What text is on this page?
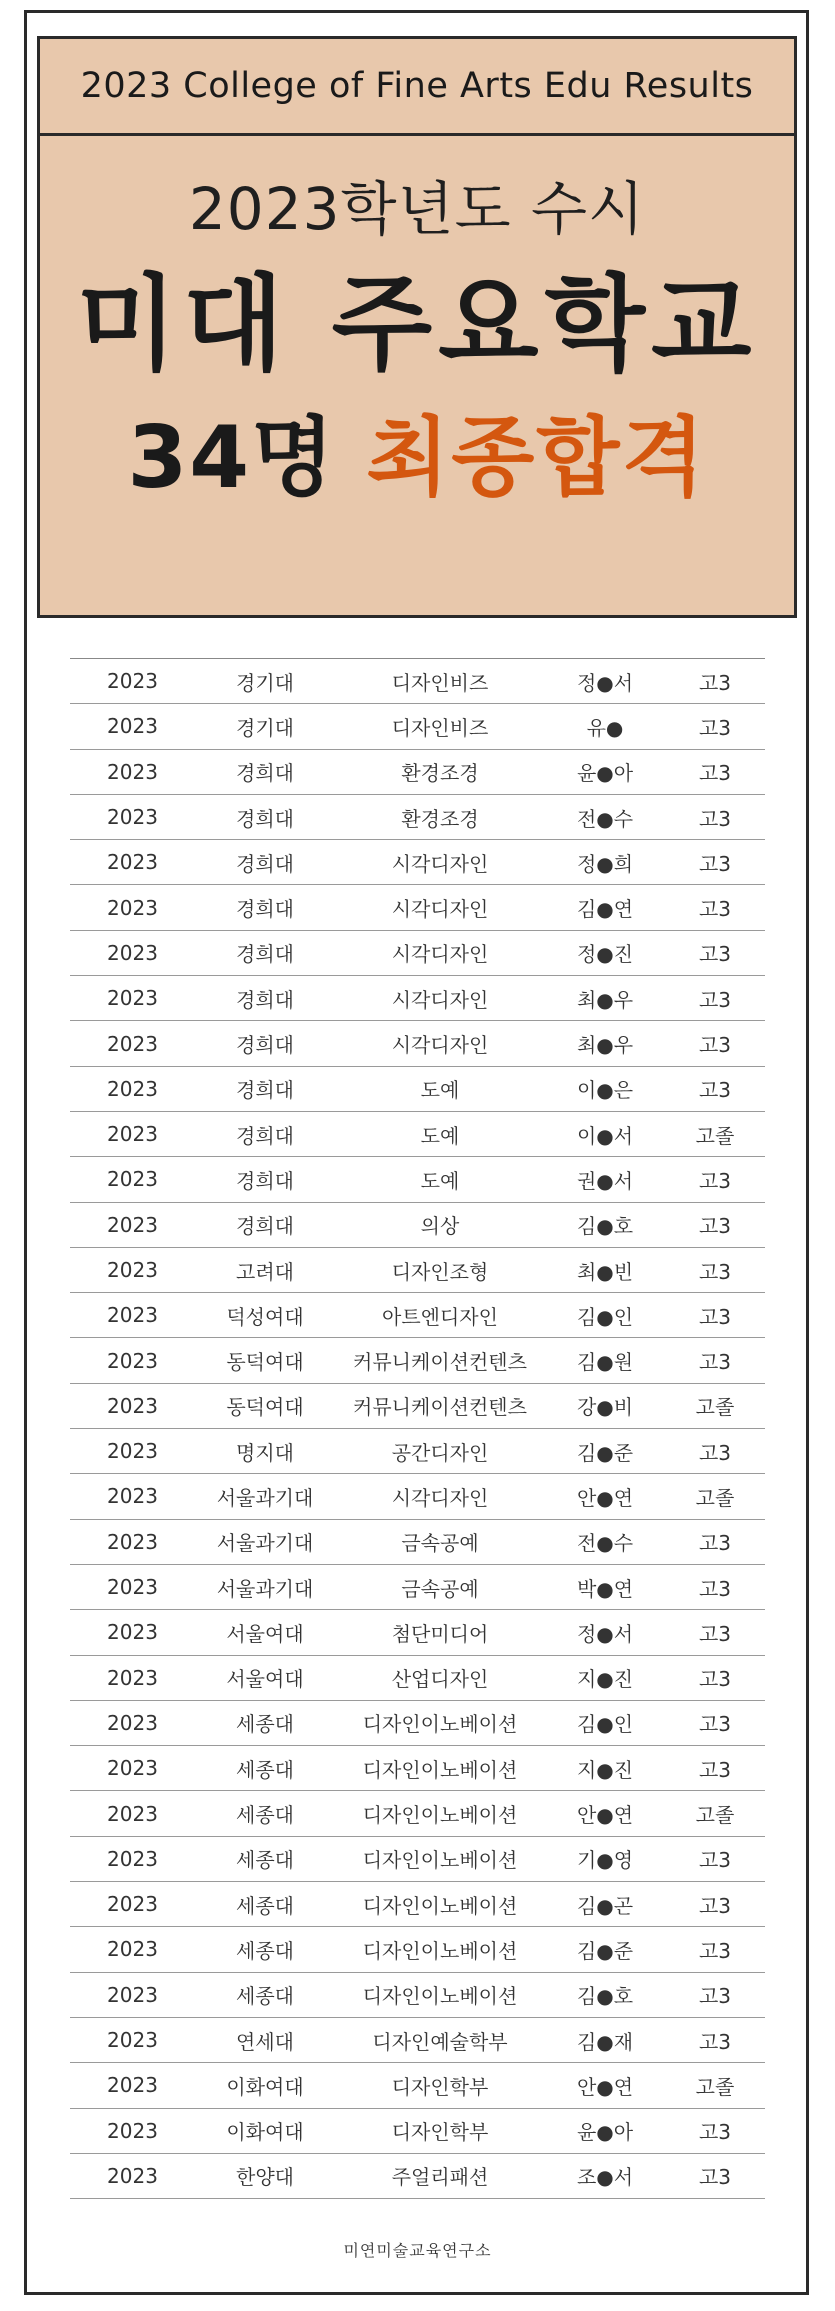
2023 College of Fine Arts Edu Results
2023학년도 수시
미대 주요학교
34명 최종합격
2023	경기대	디자인비즈	정●서	고3
2023	경기대	디자인비즈	유●	고3
2023	경희대	환경조경	윤●아	고3
2023	경희대	환경조경	전●수	고3
2023	경희대	시각디자인	정●희	고3
2023	경희대	시각디자인	김●연	고3
2023	경희대	시각디자인	정●진	고3
2023	경희대	시각디자인	최●우	고3
2023	경희대	시각디자인	최●우	고3
2023	경희대	도예	이●은	고3
2023	경희대	도예	이●서	고졸
2023	경희대	도예	권●서	고3
2023	경희대	의상	김●호	고3
2023	고려대	디자인조형	최●빈	고3
2023	덕성여대	아트엔디자인	김●인	고3
2023	동덕여대	커뮤니케이션컨텐츠	김●원	고3
2023	동덕여대	커뮤니케이션컨텐츠	강●비	고졸
2023	명지대	공간디자인	김●준	고3
2023	서울과기대	시각디자인	안●연	고졸
2023	서울과기대	금속공예	전●수	고3
2023	서울과기대	금속공예	박●연	고3
2023	서울여대	첨단미디어	정●서	고3
2023	서울여대	산업디자인	지●진	고3
2023	세종대	디자인이노베이션	김●인	고3
2023	세종대	디자인이노베이션	지●진	고3
2023	세종대	디자인이노베이션	안●연	고졸
2023	세종대	디자인이노베이션	기●영	고3
2023	세종대	디자인이노베이션	김●곤	고3
2023	세종대	디자인이노베이션	김●준	고3
2023	세종대	디자인이노베이션	김●호	고3
2023	연세대	디자인예술학부	김●재	고3
2023	이화여대	디자인학부	안●연	고졸
2023	이화여대	디자인학부	윤●아	고3
2023	한양대	주얼리패션	조●서	고3
미연미술교육연구소
